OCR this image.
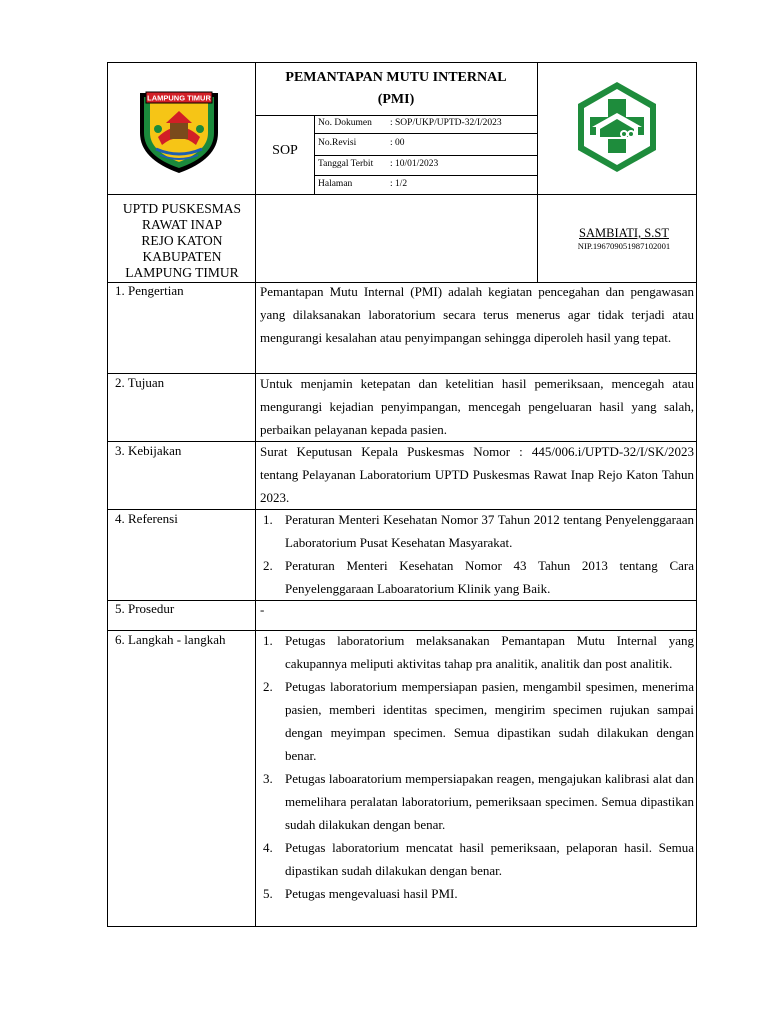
LAMPUNG TIMUR
PEMANTAPAN MUTU INTERNAL
(PMI)
SOP
No. Dokumen	: SOP/UKP/UPTD-32/I/2023
No.Revisi	: 00
Tanggal Terbit	: 10/01/2023
Halaman	: 1/2
UPTD PUSKESMAS
RAWAT INAP
REJO KATON
KABUPATEN
LAMPUNG TIMUR
SAMBIATI, S.ST
NIP.196709051987102001
1. Pengertian	Pemantapan Mutu Internal (PMI) adalah kegiatan pencegahan dan pengawasan yang dilaksanakan laboratorium secara terus menerus agar tidak terjadi atau mengurangi kesalahan atau penyimpangan sehingga diperoleh hasil yang tepat.
2. Tujuan	Untuk menjamin ketepatan dan ketelitian hasil pemeriksaan, mencegah atau mengurangi kejadian penyimpangan, mencegah pengeluaran hasil yang salah, perbaikan pelayanan kepada pasien.
3. Kebijakan	Surat Keputusan Kepala Puskesmas Nomor : 445/006.i/UPTD-32/I/SK/2023 tentang Pelayanan Laboratorium UPTD Puskesmas Rawat Inap Rejo Katon Tahun 2023.
4. Referensi	1. Peraturan Menteri Kesehatan Nomor 37 Tahun 2012 tentang Penyelenggaraan Laboratorium Pusat Kesehatan Masyarakat.
2. Peraturan Menteri Kesehatan Nomor 43 Tahun 2013 tentang Cara Penyelenggaraan Laboaratorium Klinik yang Baik.
5. Prosedur	-
6. Langkah - langkah	1. Petugas laboratorium melaksanakan Pemantapan Mutu Internal yang cakupannya meliputi aktivitas tahap pra analitik, analitik dan post analitik.
2. Petugas laboratorium mempersiapan pasien, mengambil spesimen, menerima pasien, memberi identitas specimen, mengirim specimen rujukan sampai dengan meyimpan specimen. Semua dipastikan sudah dilakukan dengan benar.
3. Petugas laboaratorium mempersiapakan reagen, mengajukan kalibrasi alat dan memelihara peralatan laboratorium, pemeriksaan specimen. Semua dipastikan sudah dilakukan dengan benar.
4. Petugas laboratorium mencatat hasil pemeriksaan, pelaporan hasil. Semua dipastikan sudah dilakukan dengan benar.
5. Petugas mengevaluasi hasil PMI.
